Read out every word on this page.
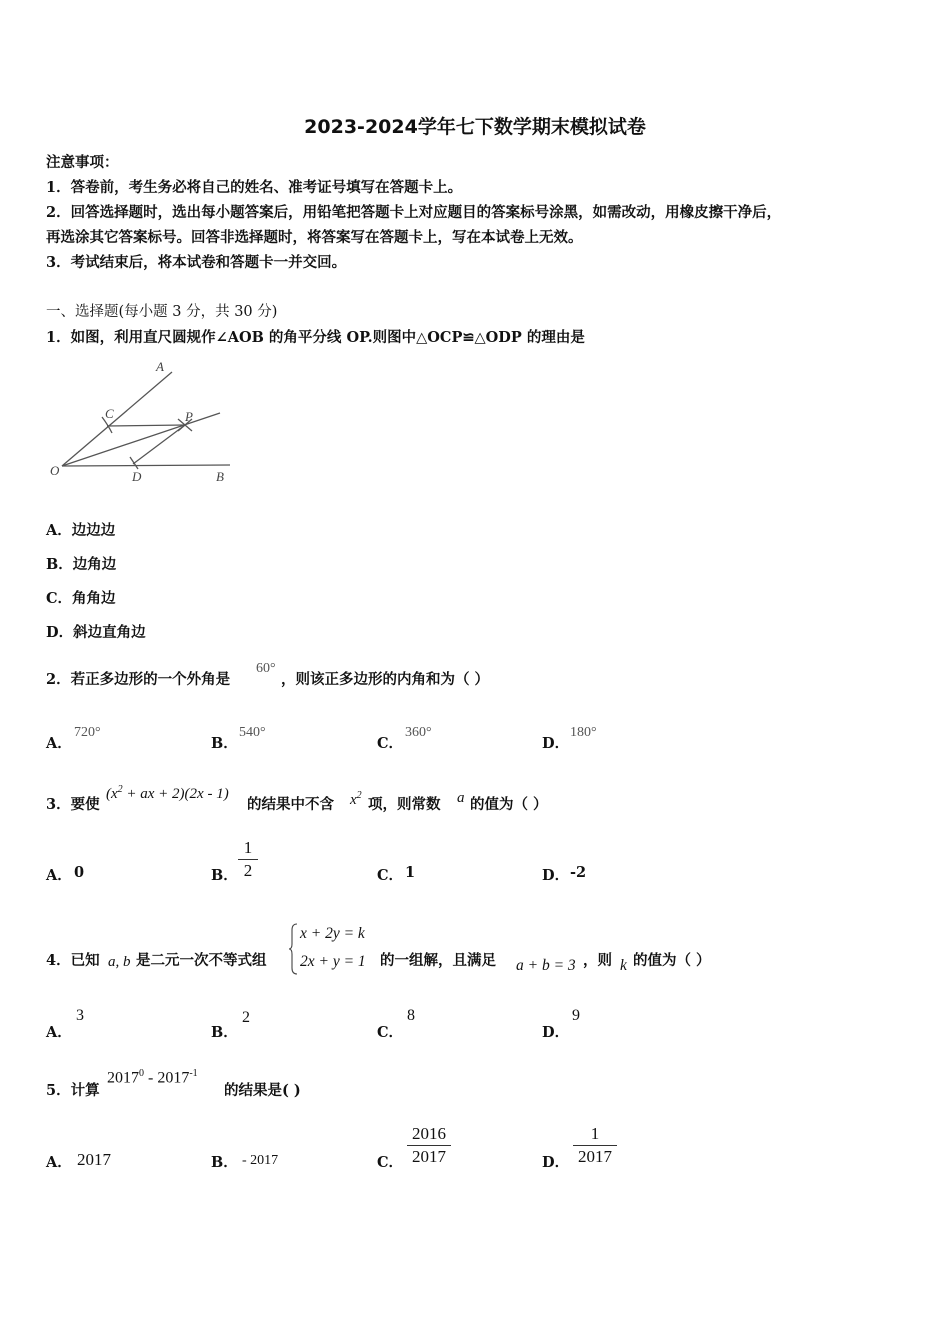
2023-2024学年七下数学期末模拟试卷
注意事项：
1．答卷前，考生务必将自己的姓名、准考证号填写在答题卡上。
2．回答选择题时，选出每小题答案后，用铅笔把答题卡上对应题目的答案标号涂黑，如需改动，用橡皮擦干净后，
再选涂其它答案标号。回答非选择题时，将答案写在答题卡上，写在本试卷上无效。
3．考试结束后，将本试卷和答题卡一并交回。
一、选择题(每小题 3 分，共 30 分)
1．如图，利用直尺圆规作∠AOB 的角平分线 OP.则图中△OCP≌△ODP 的理由是
A
C	P
O	D	B
A．边边边
B．边角边
C．角角边
D．斜边直角边
2．若正多边形的一个外角是
60°
，则该正多边形的内角和为（ ）
A．
720°
B．
540°
C．
360°
D．
180°
3．要使
($x^2$ + ax + 2)(2x - 1)
的结果中不含 $x^2$
项，则常数 a 的值为（ ）
A． 0	B．
1
2	C． 1	D． -2
4．已知 a, b 是二元一次不等式组
x + 2y = k
2x + y = 1 的一组解，且满足 a + b = 3 ，则 k 的值为（ ）
A．
3
B．
2
C．
8
D．
9
5．计算
$2017^0 - 2017^{-1}$
的结果是( )
A． 2017	B． - 2017	C．
2016
2017	D．
1
2017
